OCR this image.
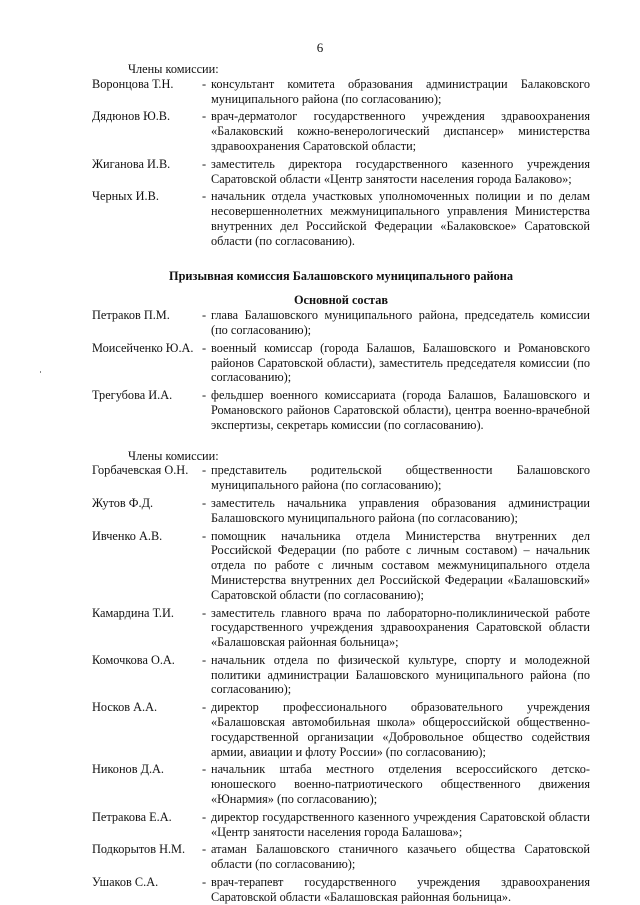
6
Члены комиссии:
Воронцова Т.Н.	- консультант комитета образования администрации Балаковского муниципального района (по согласованию);
Дядюнов Ю.В.	- врач-дерматолог государственного учреждения здравоохранения «Балаковский кожно-венерологический диспансер» министерства здравоохранения Саратовской области;
Жиганова И.В.	- заместитель директора государственного казенного учреждения Саратовской области «Центр занятости населения города Балаково»;
Черных И.В.	- начальник отдела участковых уполномоченных полиции и по делам несовершеннолетних межмуниципального управления Министерства внутренних дел Российской Федерации «Балаковское» Саратовской области (по согласованию).
Призывная комиссия Балашовского муниципального района
Основной состав
Петраков П.М.	- глава Балашовского муниципального района, председатель комиссии (по согласованию);
Моисейченко Ю.А. - военный комиссар (города Балашов, Балашовского и Романовского районов Саратовской области), заместитель председателя комиссии (по согласованию);
Трегубова И.А.	- фельдшер военного комиссариата (города Балашов, Балашовского и Романовского районов Саратовской области), центра военно-врачебной экспертизы, секретарь комиссии (по согласованию).
Члены комиссии:
Горбачевская О.Н.	- представитель родительской общественности Балашовского муниципального района (по согласованию);
Жутов Ф.Д.	- заместитель начальника управления образования администрации Балашовского муниципального района (по согласованию);
Ивченко А.В.	- помощник начальника отдела Министерства внутренних дел Российской Федерации (по работе с личным составом) – начальник отдела по работе с личным составом межмуниципального отдела Министерства внутренних дел Российской Федерации «Балашовский» Саратовской области (по согласованию);
Камардина Т.И.	- заместитель главного врача по лабораторно-поликлинической работе государственного учреждения здравоохранения Саратовской области «Балашовская районная больница»;
Комочкова О.А.	- начальник отдела по физической культуре, спорту и молодежной политики администрации Балашовского муниципального района (по согласованию);
Носков А.А.	- директор профессионального образовательного учреждения «Балашовская автомобильная школа» общероссийской общественно-государственной организации «Добровольное общество содействия армии, авиации и флоту России» (по согласованию);
Никонов Д.А.	- начальник штаба местного отделения всероссийского детско-юношеского военно-патриотического общественного движения «Юнармия» (по согласованию);
Петракова Е.А.	- директор государственного казенного учреждения Саратовской области «Центр занятости населения города Балашова»;
Подкорытов Н.М.	- атаман Балашовского станичного казачьего общества Саратовской области (по согласованию);
Ушаков С.А.	- врач-терапевт государственного учреждения здравоохранения Саратовской области «Балашовская районная больница».
